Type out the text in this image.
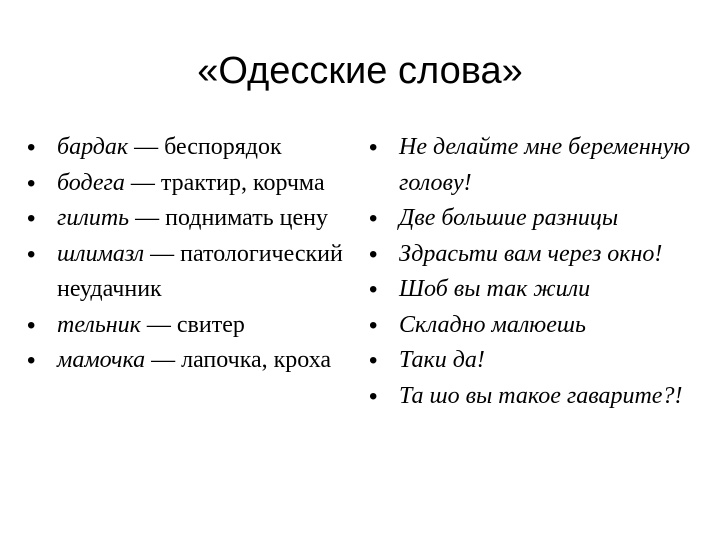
«Одесские слова»
• бардак — беспорядок
• бодега — трактир, корчма
• гилить — поднимать цену
• шлимазл — патологический неудачник
• тельник — свитер
• мамочка — лапочка, кроха
• Не делайте мне беременную голову!
• Две большие разницы
• Здрасьти вам через окно!
• Шоб вы так жили
• Складно малюешь
• Таки да!
• Та шо вы такое гаварите?!
